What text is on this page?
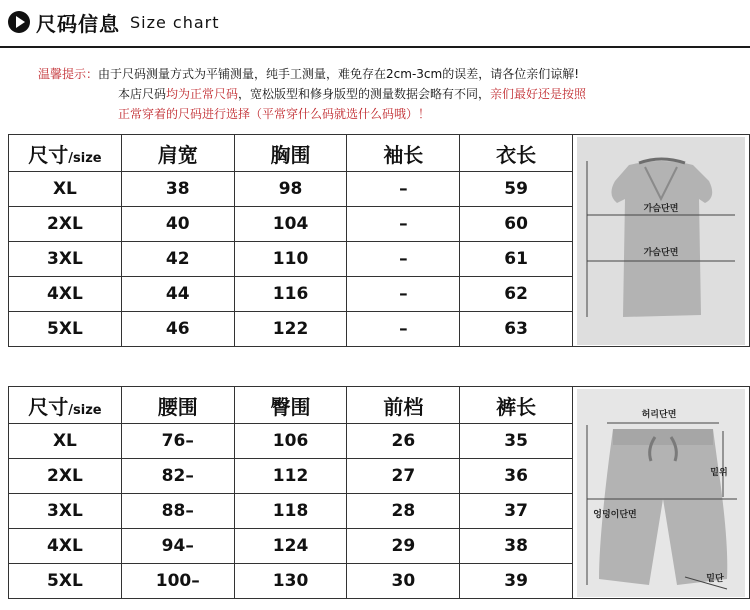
尺码信息 Size chart
温馨提示：由于尺码测量方式为平铺测量，纯手工测量，难免存在2cm-3cm的误差，请各位亲们谅解!
本店尺码均为正常尺码，宽松版型和修身版型的测量数据会略有不同，亲们最好还是按照
正常穿着的尺码进行选择（平常穿什么码就选什么码哦）！
尺寸/size	肩宽	胸围	袖长	衣长	가슴단면
가슴단면

XL	38	98	–	59	
2XL	40	104	–	60	
3XL	42	110	–	61	
4XL	44	116	–	62	
5XL	46	122	–	63	
尺寸/size	腰围	臀围	前档	裤长	허리단면
밑위
엉덩이단면
밑단

XL	76–	106	26	35	
2XL	82–	112	27	36	
3XL	88–	118	28	37	
4XL	94–	124	29	38	
5XL	100–	130	30	39	
